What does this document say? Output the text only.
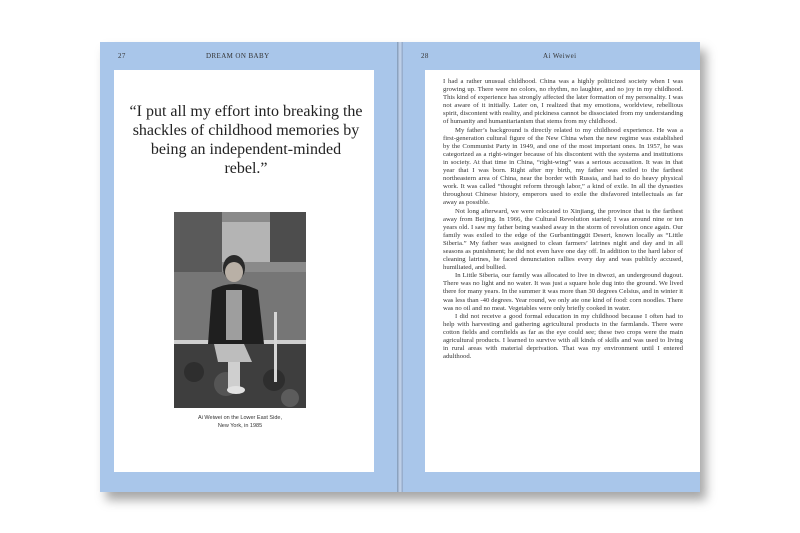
27	DREAM ON BABY
“I put all my effort into breaking the shackles of childhood memories by being an independent-minded rebel.”
Ai Weiwei on the Lower East Side,
New York, in 1985
28	Ai Weiwei

I had a rather unusual childhood. China was a highly politicized society when I was growing up. There were no colors, no rhythm, no laughter, and no joy in my childhood. This kind of experience has strongly affected the later formation of my personality. I was not aware of it initially. Later on, I realized that my emotions, worldview, rebellious spirit, discontent with reality, and pickiness cannot be dissociated from my understanding of humanity and humanitarianism that stems from my childhood.

My father’s background is directly related to my childhood experience. He was a first-generation cultural figure of the New China when the new regime was established by the Communist Party in 1949, and one of the most important ones. In 1957, he was categorized as a right-winger because of his discontent with the systems and institutions in society. At that time in China, “right-wing” was a serious accusation. It was in that year that I was born. Right after my birth, my father was exiled to the farthest northeastern area of China, near the border with Russia, and had to do heavy physical work. It was called “thought reform through labor,” a kind of exile. In all the dynasties throughout Chinese history, emperors used to exile the disfavored intellectuals as far away as possible.

Not long afterward, we were relocated to Xinjiang, the province that is the farthest away from Beijing. In 1966, the Cultural Revolution started; I was around nine or ten years old. I saw my father being washed away in the storm of revolution once again. Our family was exiled to the edge of the Gurbantünggüt Desert, known locally as “Little Siberia.” My father was assigned to clean farmers’ latrines night and day and in all seasons as punishment; he did not even have one day off. In addition to the hard labor of cleaning latrines, he faced denunciation rallies every day and was publicly accused, humiliated, and bullied.

In Little Siberia, our family was allocated to live in diwozi, an underground dugout. There was no light and no water. It was just a square hole dug into the ground. We lived there for many years. In the summer it was more than 30 degrees Celsius, and in winter it was less than -40 degrees. Year round, we only ate one kind of food: corn noodles. There was no oil and no meat. Vegetables were only briefly cooked in water.

I did not receive a good formal education in my childhood because I often had to help with harvesting and gathering agricultural products in the farmlands. There were cotton fields and cornfields as far as the eye could see; these two crops were the main agricultural products. I learned to survive with all kinds of skills and was used to living in rural areas with material deprivation. That was my environment until I entered adulthood.
